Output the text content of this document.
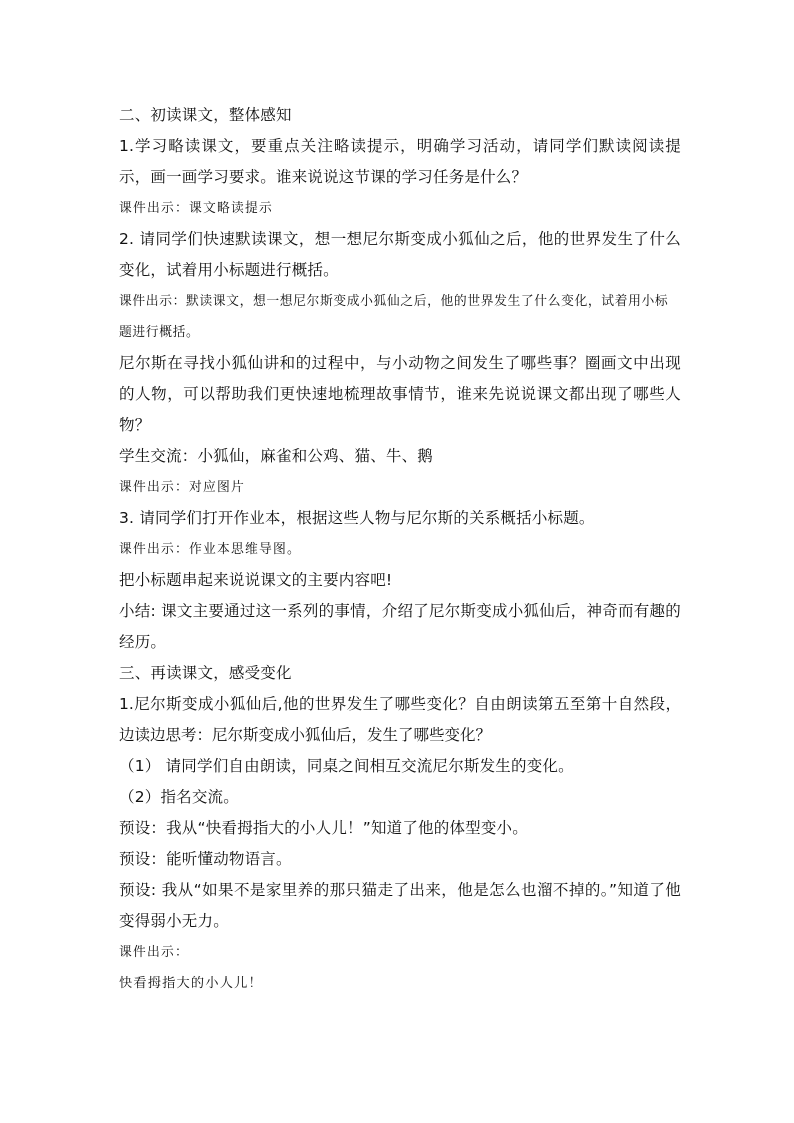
二、初读课文，整体感知

1.学习略读课文，要重点关注略读提示，明确学习活动，请同学们默读阅读提示，画一画学习要求。谁来说说这节课的学习任务是什么？

课件出示：课文略读提示

2. 请同学们快速默读课文，想一想尼尔斯变成小狐仙之后，他的世界发生了什么变化，试着用小标题进行概括。

课件出示：默读课文，想一想尼尔斯变成小狐仙之后，他的世界发生了什么变化，试着用小标题进行概括。

尼尔斯在寻找小狐仙讲和的过程中，与小动物之间发生了哪些事？圈画文中出现的人物，可以帮助我们更快速地梳理故事情节，谁来先说说课文都出现了哪些人物？

学生交流：小狐仙，麻雀和公鸡、猫、牛、鹅

课件出示：对应图片

3. 请同学们打开作业本，根据这些人物与尼尔斯的关系概括小标题。

课件出示：作业本思维导图。

把小标题串起来说说课文的主要内容吧!

小结: 课文主要通过这一系列的事情，介绍了尼尔斯变成小狐仙后，神奇而有趣的经历。

三、再读课文，感受变化

1.尼尔斯变成小狐仙后,他的世界发生了哪些变化？自由朗读第五至第十自然段，边读边思考：尼尔斯变成小狐仙后，发生了哪些变化？

（1） 请同学们自由朗读，同桌之间相互交流尼尔斯发生的变化。

（2）指名交流。

预设：我从“快看拇指大的小人儿！”知道了他的体型变小。

预设：能听懂动物语言。

预设: 我从“如果不是家里养的那只猫走了出来，他是怎么也溜不掉的。”知道了他变得弱小无力。

课件出示：

快看拇指大的小人儿！
